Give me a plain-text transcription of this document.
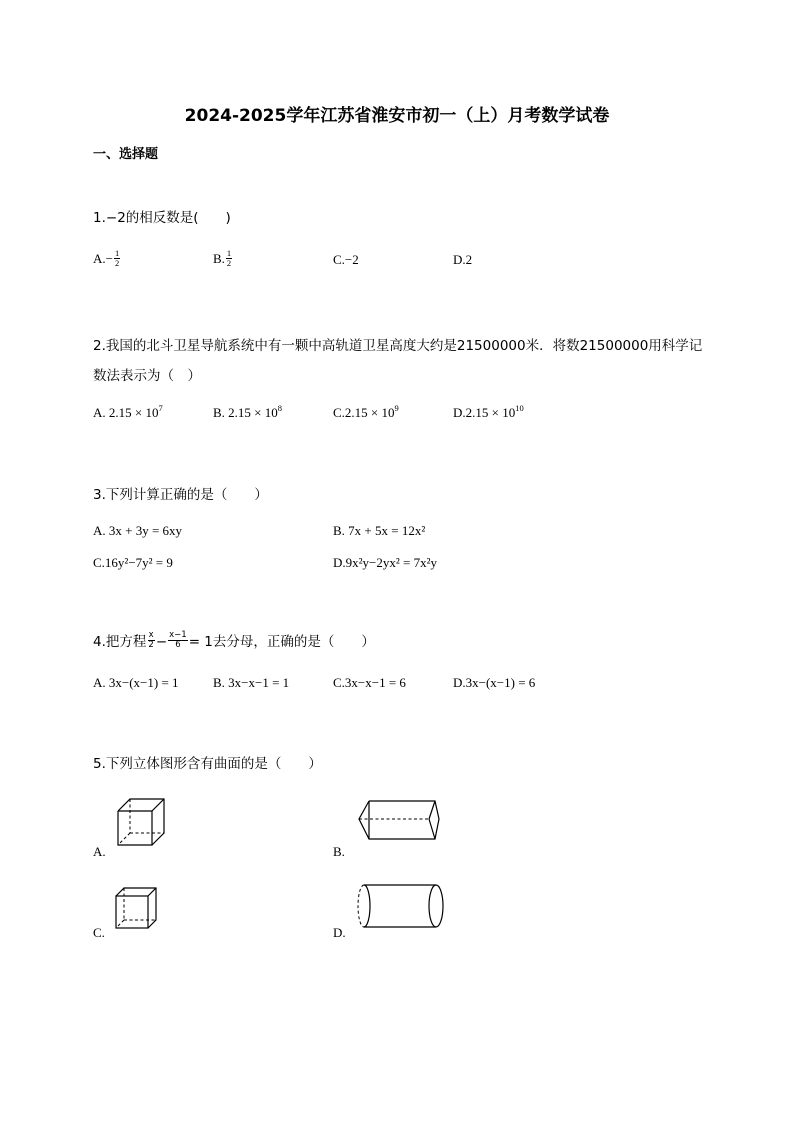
2024-2025学年江苏省淮安市初一（上）月考数学试卷
一、选择题
1.−2的相反数是(　　)
$A.- \frac{1}{2}$	B. $\frac{1}{2}$	C.−2	D.2
2.我国的北斗卫星导航系统中有一颗中高轨道卫星高度大约是21500000米．将数21500000用科学记
数法表示为（　）
A. $2.15 \times 10^7$	B. $2.15 \times 10^8$	$C.2.15 \times 10^9$	$D.2.15 \times 10^{10}$
3.下列计算正确的是（　　）
A. 3x + 3y = 6xy	B. 7x + 5x = 12x²
C.16y²−7y² = 9	D.9x²y−2yx² = 7x²y
4.把方程 $\frac{x}{2} - \frac{x-1}{6} = 1$去分母，正确的是（　　）
A. 3x−(x−1) = 1	B. 3x−x−1 = 1	C.3x−x−1 = 6	D.3x−(x−1) = 6
5.下列立体图形含有曲面的是（　　）
A.	B.
C.	D.
